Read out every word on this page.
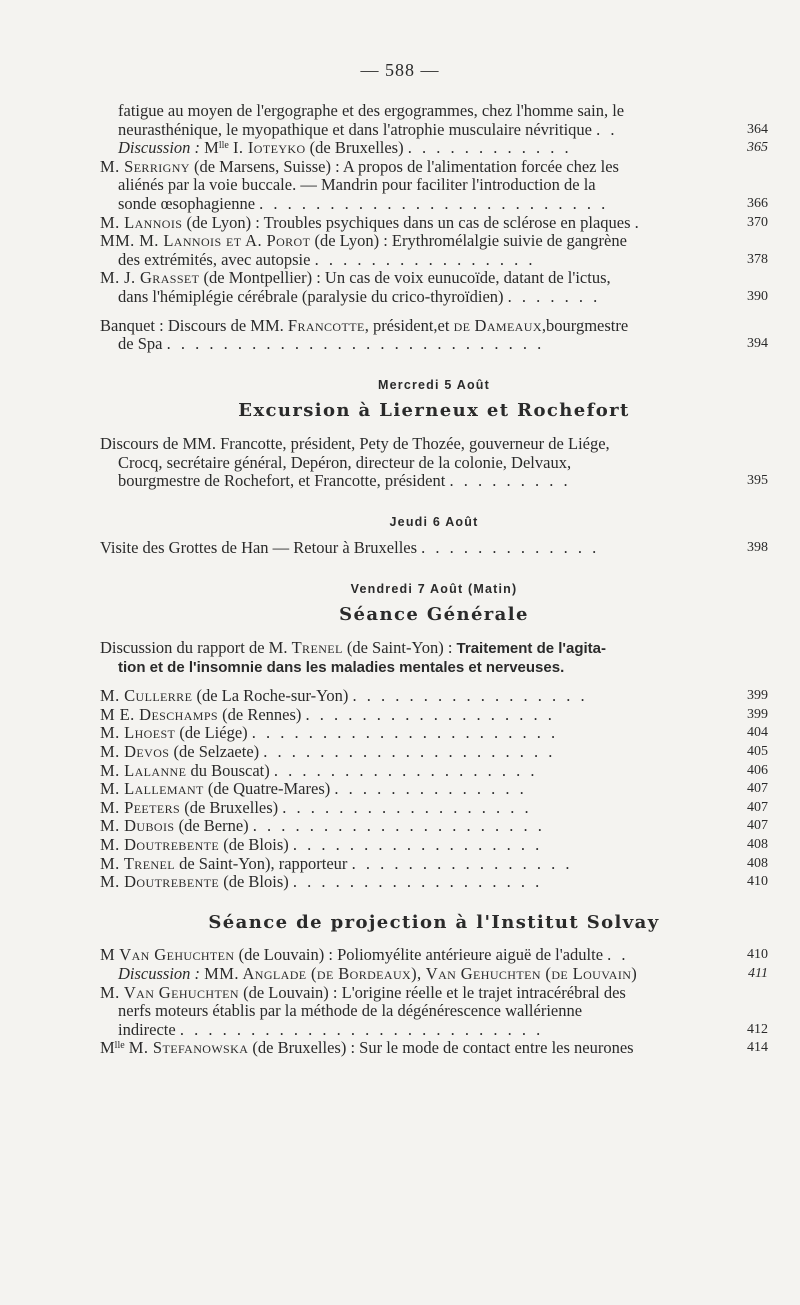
— 588 —
fatigue au moyen de l'ergographe et des ergogrammes, chez l'homme sain, le
neurasthénique, le myopathique et dans l'atrophie musculaire névritique . .	364
Discussion : $M^{lle}$ I. Ioteyko (de Bruxelles) . . . . . . . . . . . .	365
M. Serrigny (de Marsens, Suisse) : A propos de l'alimentation forcée chez les
aliénés par la voie buccale. — Mandrin pour faciliter l'introduction de la
sonde œsophagienne . . . . . . . . . . . . . . . . . . . . . . . . .	366
M. Lannois (de Lyon) : Troubles psychiques dans un cas de sclérose en plaques .	370
MM. M. Lannois et A. Porot (de Lyon) : Erythromélalgie suivie de gangrène
des extrémités, avec autopsie . . . . . . . . . . . . . . . .	378
M. J. Grasset (de Montpellier) : Un cas de voix eunucoïde, datant de l'ictus,
dans l'hémiplégie cérébrale (paralysie du crico-thyroïdien) . . . . . . .	390
Banquet : Discours de MM. Francotte, président,et de Dameaux,bourgmestre
de Spa . . . . . . . . . . . . . . . . . . . . . . . . . . .	394
Mercredi 5 Août
Excursion à Lierneux et Rochefort
Discours de MM. Francotte, président, Pety de Thozée, gouverneur de Liége,
Crocq, secrétaire général, Depéron, directeur de la colonie, Delvaux,
bourgmestre de Rochefort, et Francotte, président . . . . . . . . .	395
Jeudi 6 Août
Visite des Grottes de Han — Retour à Bruxelles . . . . . . . . . . . . .	398
Vendredi 7 Août (Matin)
Séance Générale
Discussion du rapport de M. Trenel (de Saint-Yon) : Traitement de l'agita-
tion et de l'insomnie dans les maladies mentales et nerveuses.
M. Cullerre (de La Roche-sur-Yon) . . . . . . . . . . . . . . . . .	399
M E. Deschamps (de Rennes) . . . . . . . . . . . . . . . . . .	399
M. Lhoest (de Liége) . . . . . . . . . . . . . . . . . . . . . .	404
M. Devos (de Selzaete) . . . . . . . . . . . . . . . . . . . . .	405
M. Lalanne du Bouscat) . . . . . . . . . . . . . . . . . . .	406
M. Lallemant (de Quatre-Mares) . . . . . . . . . . . . . .	407
M. Peeters (de Bruxelles) . . . . . . . . . . . . . . . . . .	407
M. Dubois (de Berne) . . . . . . . . . . . . . . . . . . . . .	407
M. Doutrebente (de Blois) . . . . . . . . . . . . . . . . . .	408
M. Trenel de Saint-Yon), rapporteur . . . . . . . . . . . . . . . .	408
M. Doutrebente (de Blois) . . . . . . . . . . . . . . . . . .	410
Séance de projection à l'Institut Solvay
M Van Gehuchten (de Louvain) : Poliomyélite antérieure aiguë de l'adulte . .	410
Discussion : MM. Anglade (de Bordeaux), Van Gehuchten (de Louvain)	411
M. Van Gehuchten (de Louvain) : L'origine réelle et le trajet intracérébral des
nerfs moteurs établis par la méthode de la dégénérescence wallérienne
indirecte . . . . . . . . . . . . . . . . . . . . . . . . . .	412
$M^{lle}$ M. Stefanowska (de Bruxelles) : Sur le mode de contact entre les neurones	414
